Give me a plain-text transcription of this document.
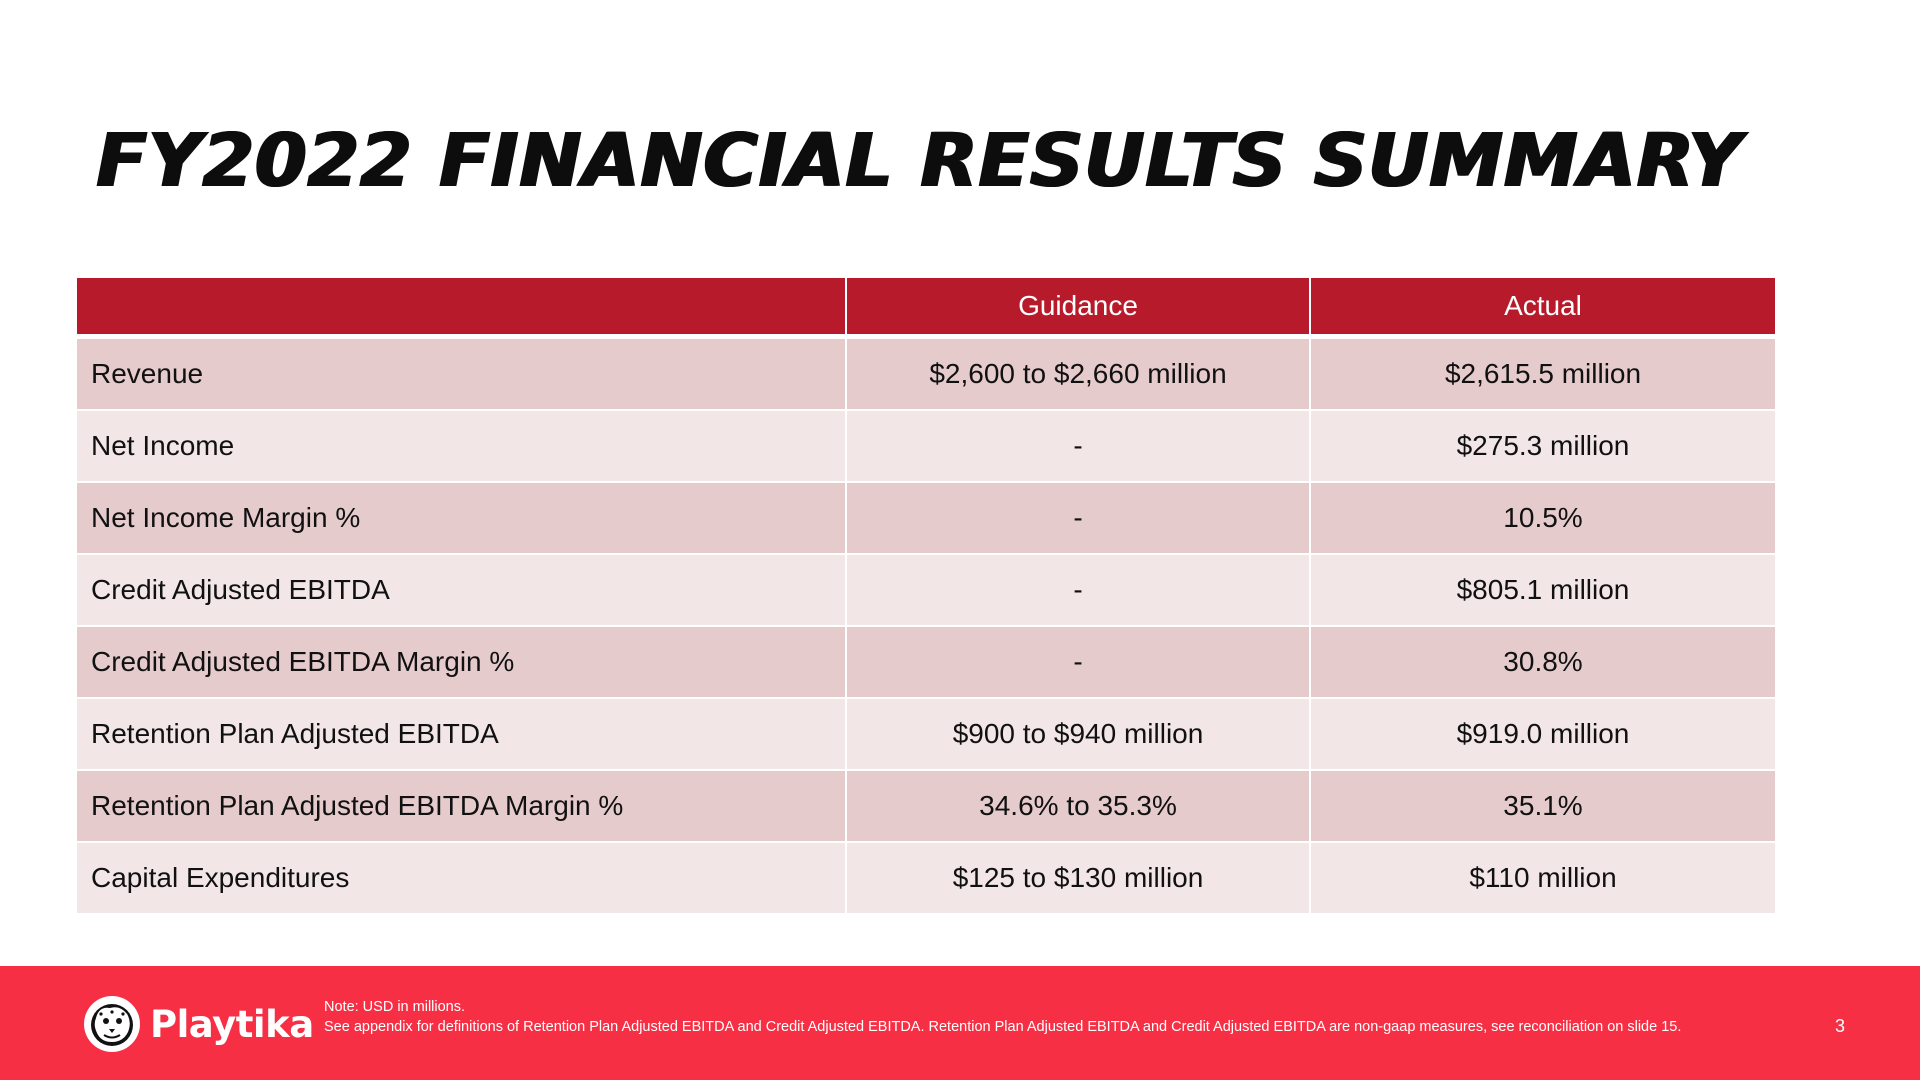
FY2022 FINANCIAL RESULTS SUMMARY
	Guidance	Actual
Revenue	$2,600 to $2,660 million	$2,615.5 million
Net Income	-	$275.3 million
Net Income Margin %	-	10.5%
Credit Adjusted EBITDA	-	$805.1 million
Credit Adjusted EBITDA Margin %	-	30.8%
Retention Plan Adjusted EBITDA	$900 to $940 million	$919.0 million
Retention Plan Adjusted EBITDA Margin %	34.6% to 35.3%	35.1%
Capital Expenditures	$125 to $130 million	$110 million
Playtika Note: USD in millions.

See appendix for definitions of Retention Plan Adjusted EBITDA and Credit Adjusted EBITDA. Retention Plan Adjusted EBITDA and Credit Adjusted EBITDA are non-gaap measures, see reconciliation on slide 15.	3
